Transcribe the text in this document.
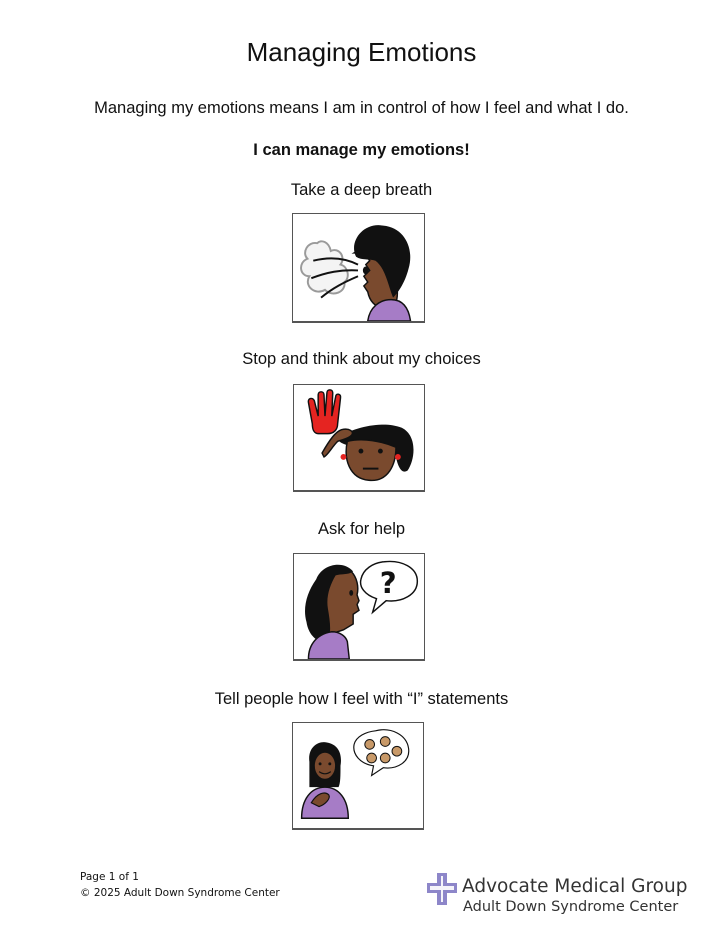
Managing Emotions
Managing my emotions means I am in control of how I feel and what I do.
I can manage my emotions!
Take a deep breath
Stop and think about my choices
Ask for help
?
Tell people how I feel with “I” statements
Page 1 of 1
© 2025 Adult Down Syndrome Center	Advocate Medical Group
Adult Down Syndrome Center
